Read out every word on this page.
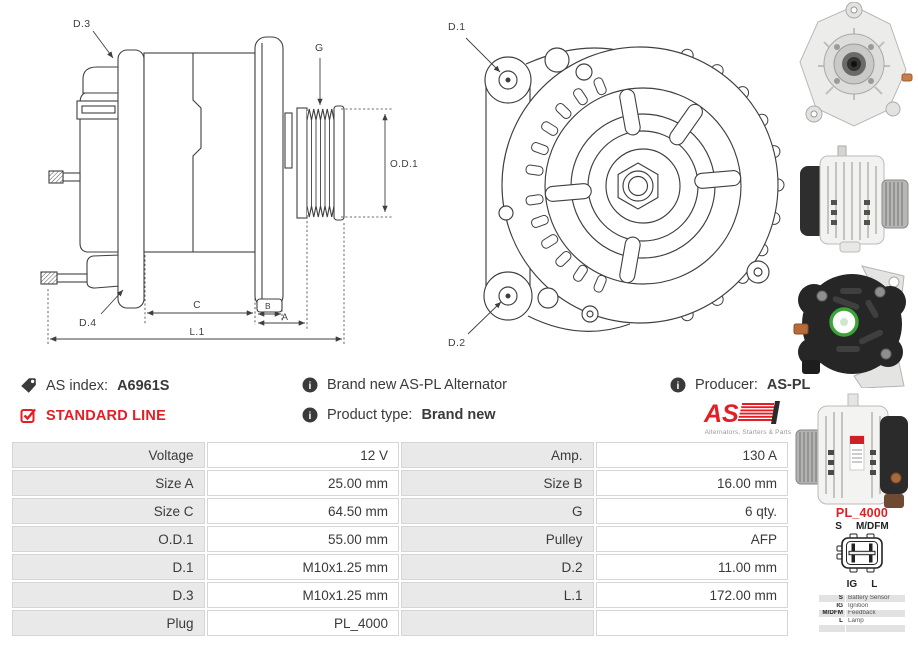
D.3
G
O.D.1
D.4
C	B
A
L.1
D.1
D.2
AS index: A6961S	i Brand new AS-PL Alternator	i Producer: AS-PL
STANDARD LINE	i Product type: Brand new	AS
Alternators, Starters & Parts
Voltage	12 V	Amp.	130 A
Size A	25.00 mm	Size B	16.00 mm
Size C	64.50 mm	G	6 qty.
O.D.1	55.00 mm	Pulley	AFP
D.1	M10x1.25 mm	D.2	11.00 mm
D.3	M10x1.25 mm	L.1	172.00 mm
Plug	PL_4000		
PL_4000
S M/DFM
IG L
S	Battery Sensor
IG	Ignition
M/DFM	Feedback
L	Lamp
